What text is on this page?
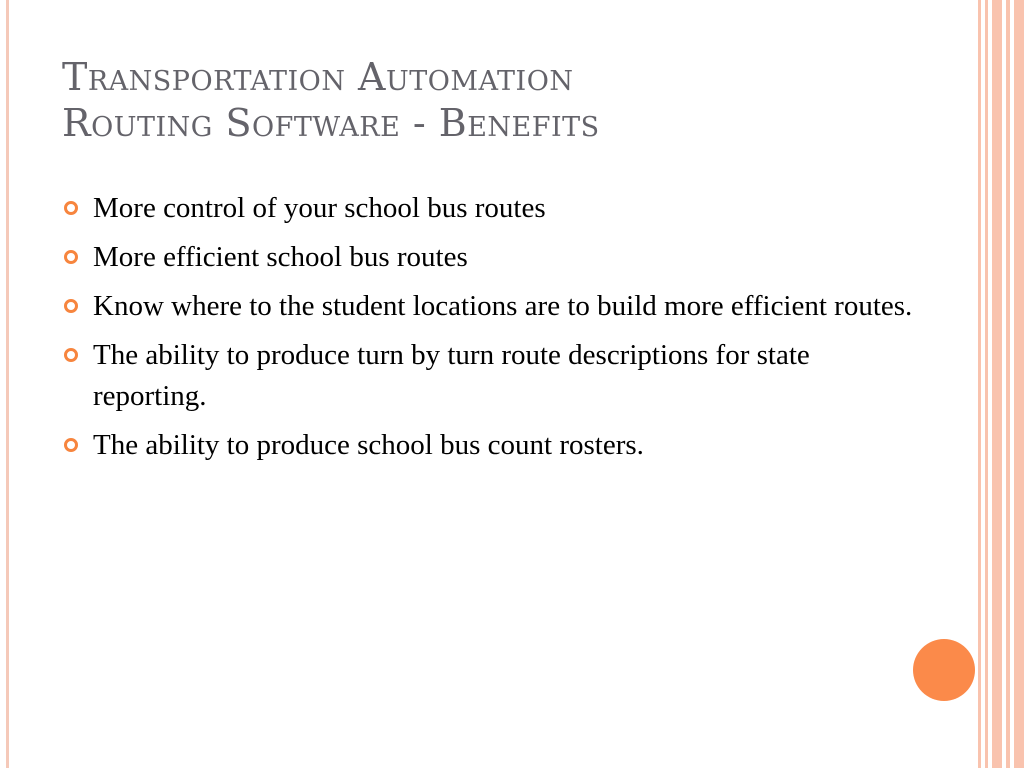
Transportation Automation
Routing Software - Benefits
More control of your school bus routes
More efficient school bus routes
Know where to the student locations are to build more efficient routes.
The ability to produce turn by turn route descriptions for state reporting.
The ability to produce school bus count rosters.
